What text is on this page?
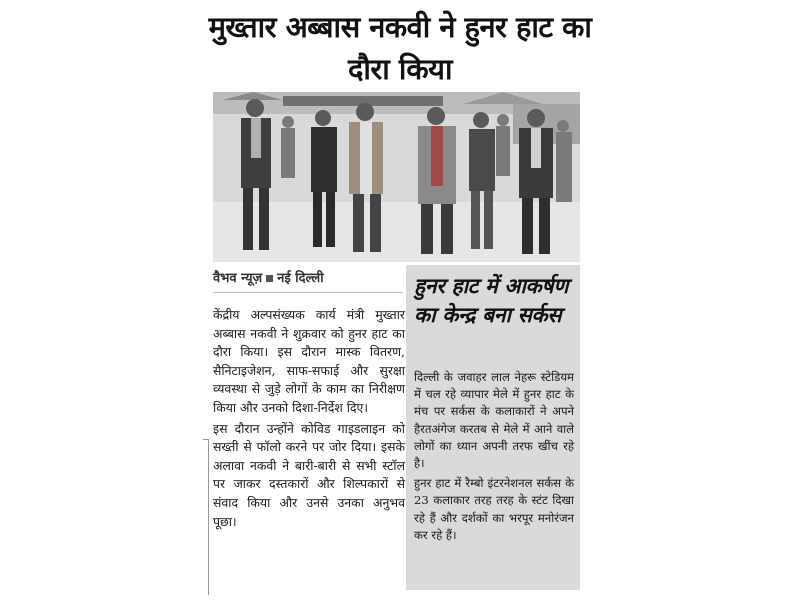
मुख्तार अब्बास नकवी ने हुनर हाट का दौरा किया
वैभव न्यूज़ नई दिल्ली

केंद्रीय अल्पसंख्यक कार्य मंत्री मुख्तार अब्बास नकवी ने शुक्रवार को हुनर हाट का दौरा किया। इस दौरान मास्क वितरण, सैनिटाइजेशन, साफ-सफाई और सुरक्षा व्यवस्था से जुड़े लोगों के काम का निरीक्षण किया और उनको दिशा-निर्देश दिए।

इस दौरान उन्होंने कोविड गाइडलाइन को सख्ती से फॉलो करने पर जोर दिया। इसके अलावा नकवी ने बारी-बारी से सभी स्टॉल पर जाकर दस्तकारों और शिल्पकारों से संवाद किया और उनसे उनका अनुभव पूछा।

हुनर हाट में आकर्षण का केन्द्र बना सर्कस

दिल्ली के जवाहर लाल नेहरू स्टेडियम में चल रहे व्यापार मेले में हुनर हाट के मंच पर सर्कस के कलाकारों ने अपने हैरतअंगेज करतब से मेले में आने वाले लोगों का ध्यान अपनी तरफ खींच रहे है।

हुनर हाट में रैम्बो इंटरनेशनल सर्कस के 23 कलाकार तरह तरह के स्टंट दिखा रहे हैं और दर्शकों का भरपूर मनोरंजन कर रहे हैं।
